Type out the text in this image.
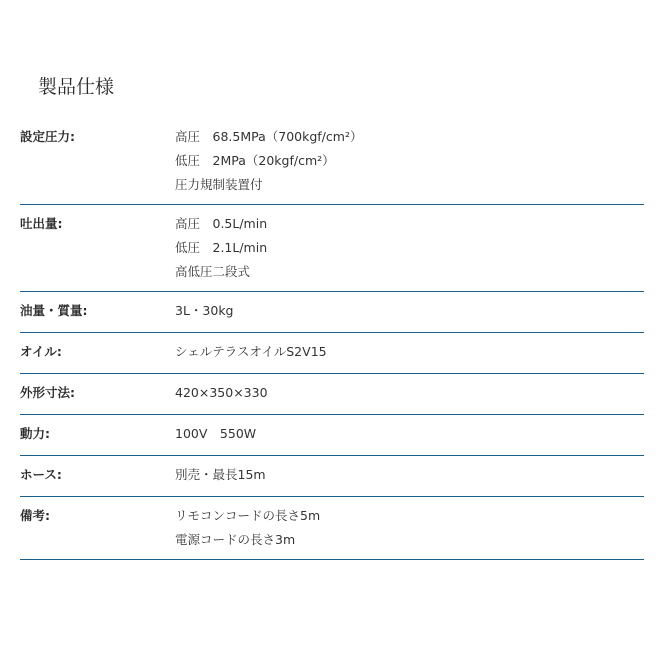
製品仕様
設定圧力:	高圧　68.5MPa（700kgf/cm²）
低圧　2MPa（20kgf/cm²）
圧力規制装置付
吐出量:	高圧　0.5L/min
低圧　2.1L/min
高低圧二段式
油量・質量:	3L・30kg
オイル:	シェルテラスオイルS2V15
外形寸法:	420×350×330
動力:	100V　550W
ホース:	別売・最長15m
備考:	リモコンコードの長さ5m
電源コードの長さ3m
